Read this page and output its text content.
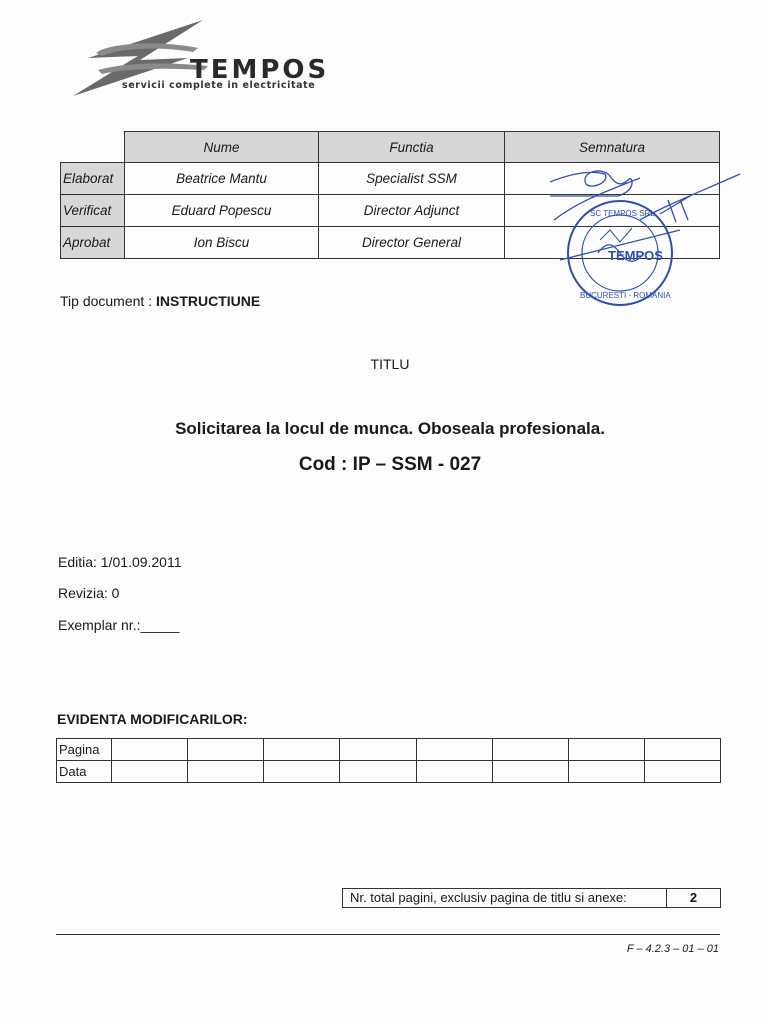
TEMPOS
servicii complete in electricitate
	Nume	Functia	Semnatura
Elaborat	Beatrice Mantu	Specialist SSM	
Verificat	Eduard Popescu	Director Adjunct	
Aprobat	Ion Biscu	Director General	
TEMPOS
BUCURESTI - ROMANIA
SC TEMPOS SRL
Tip document : INSTRUCTIUNE
TITLU
Solicitarea la locul de munca. Oboseala profesionala.
Cod : IP – SSM - 027
Editia: 1/01.09.2011
Revizia: 0
Exemplar nr.:_____
EVIDENTA MODIFICARILOR:
Pagina								
Data								
Nr. total pagini, exclusiv pagina de titlu si anexe:	2
F – 4.2.3 – 01 – 01
